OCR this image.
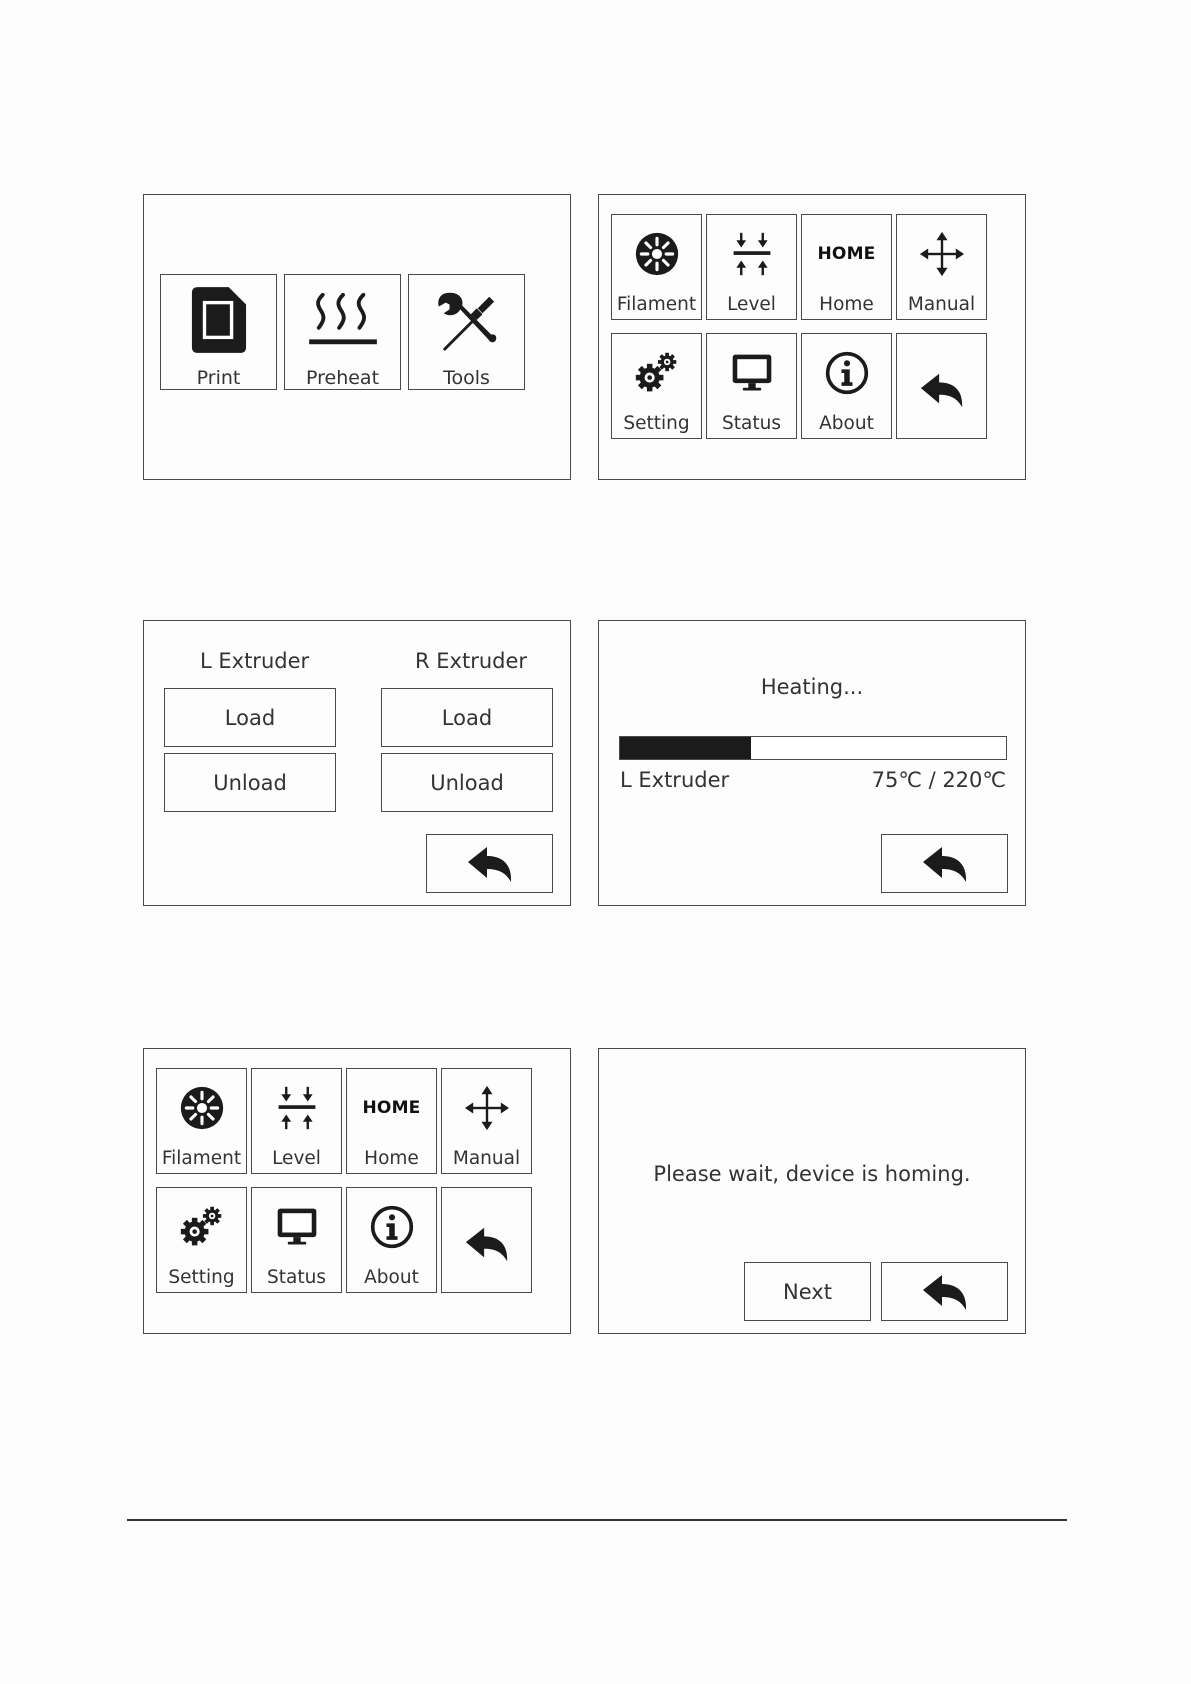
Print	Preheat	Tools
Filament	Level
HOME
Home	Manual
Setting	Status	About
L Extruder	R Extruder
Load	Load
Unload	Unload
Heating...
L Extruder	75℃ / 220℃
Filament	Level
HOME
Home	Manual
Setting	Status	About
Please wait, device is homing.
Next
